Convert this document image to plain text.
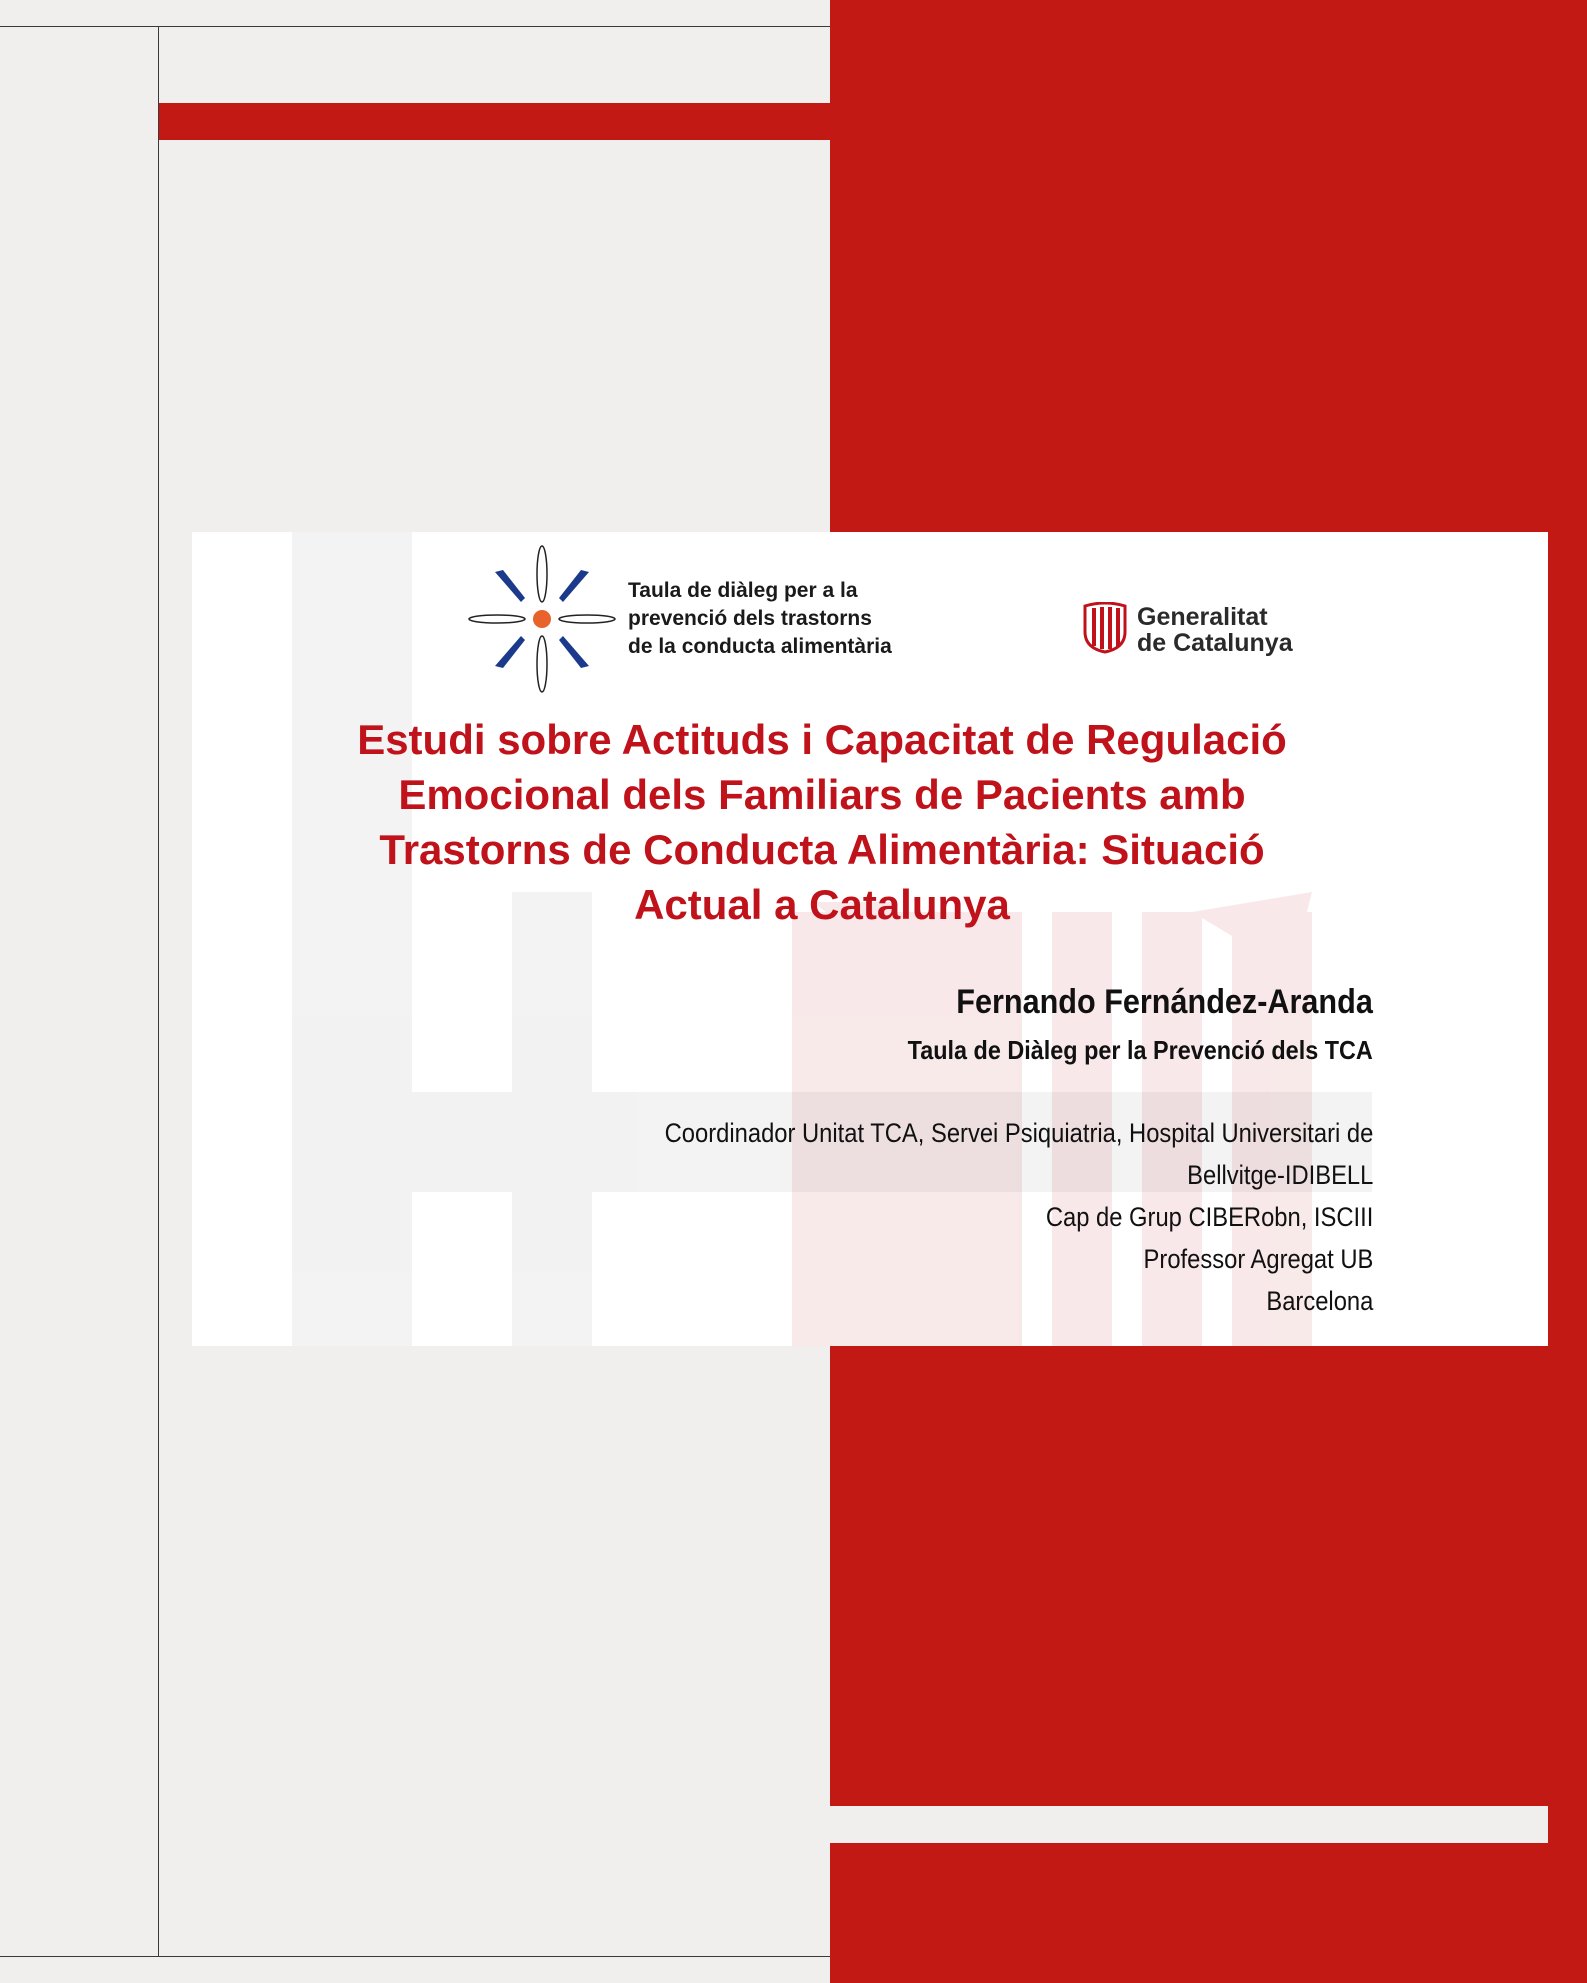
Taula de diàleg per a la
prevenció dels trastorns
de la conducta alimentària
Generalitat
de Catalunya
Estudi sobre Actituds i Capacitat de Regulació
Emocional dels Familiars de Pacients amb
Trastorns de Conducta Alimentària: Situació
Actual a Catalunya
Fernando Fernández-Aranda
Taula de Diàleg per la Prevenció dels TCA
Coordinador Unitat TCA, Servei Psiquiatria, Hospital Universitari de
Bellvitge-IDIBELL
Cap de Grup CIBERobn, ISCIII
Professor Agregat UB
Barcelona
